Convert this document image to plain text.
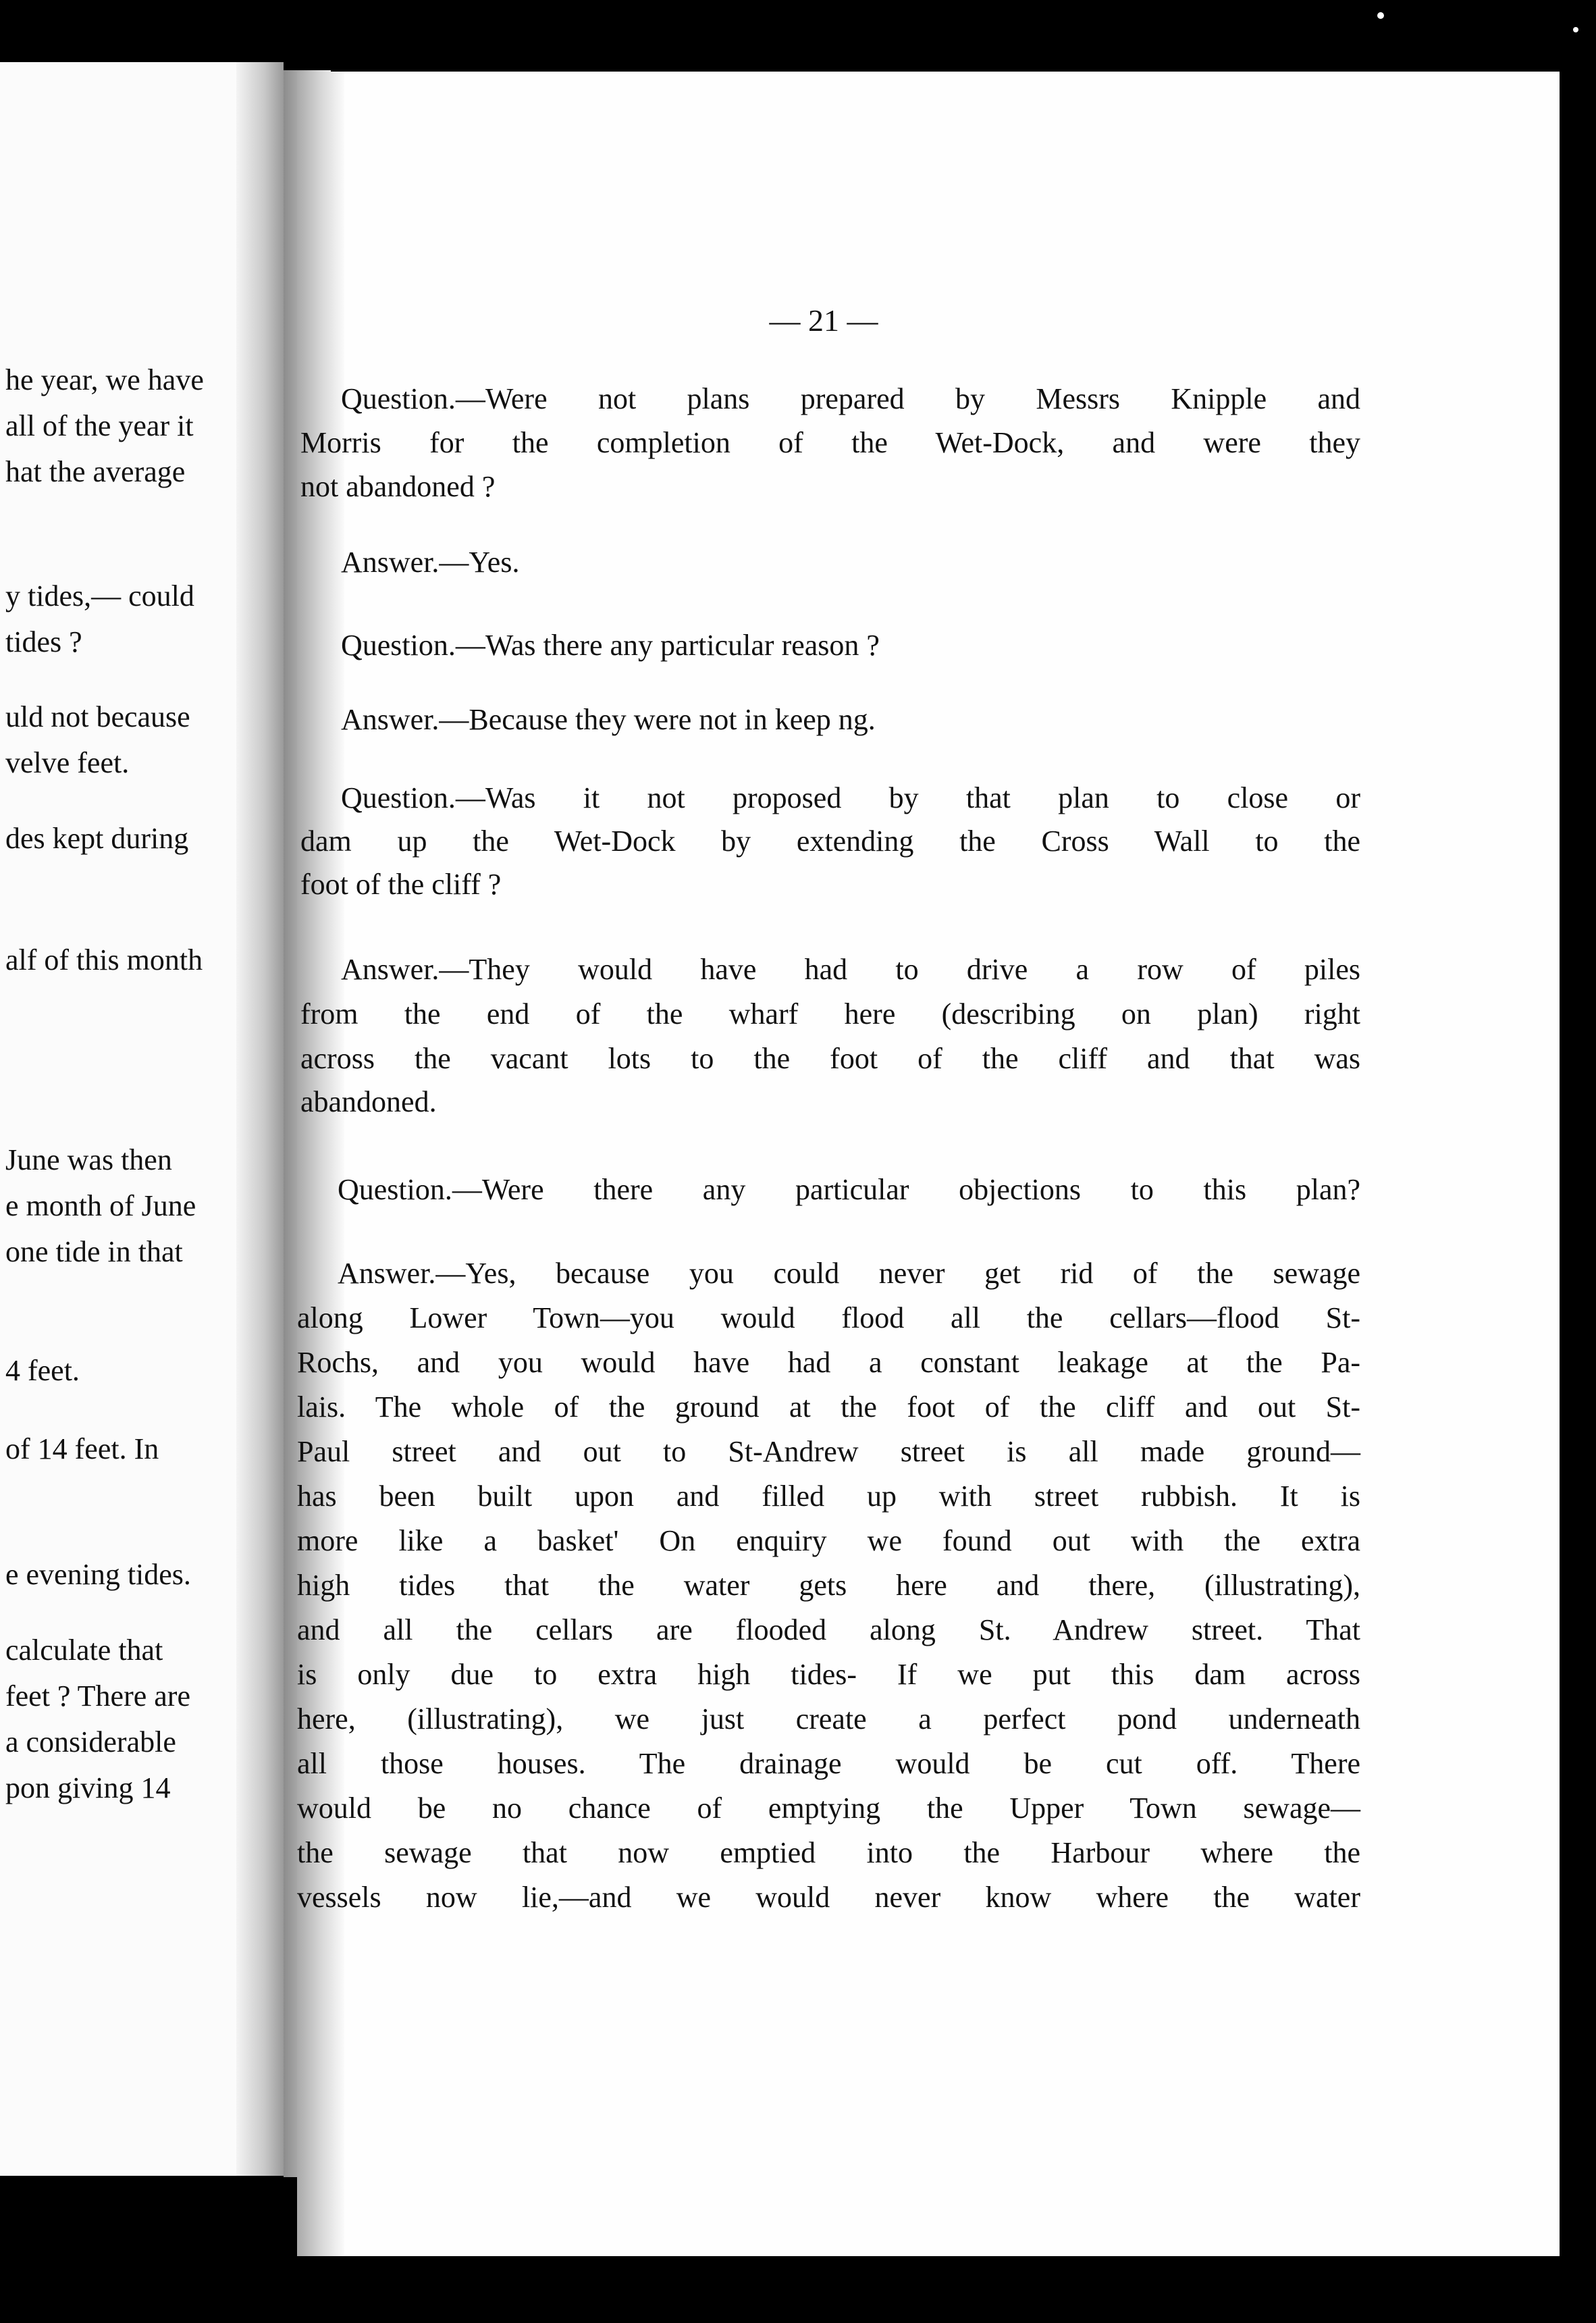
he year, we have
all of the year it
hat the average
y tides,— could
tides ?
uld not because
velve feet.
des kept during
alf of this month
June was then
e month of June
one tide in that
4 feet.
of 14 feet. In
e evening tides.
calculate that
feet ? There are
a considerable
pon giving 14
— 21 —
Question.—Were not plans prepared by Messrs Knipple and
Morris for the completion of the Wet-Dock, and were they
not abandoned ?
Answer.—Yes.
Question.—Was there any particular reason ?
Answer.—Because they were not in keep ng.
Question.—Was it not proposed by that plan to close or
dam up the Wet-Dock by extending the Cross Wall to the
foot of the cliff ?
Answer.—They would have had to drive a row of piles
from the end of the wharf here (describing on plan) right
across the vacant lots to the foot of the cliff and that was
abandoned.
Question.—Were there any particular objections to this plan?
Answer.—Yes, because you could never get rid of the sewage
along Lower Town—you would flood all the cellars—flood St-
Rochs, and you would have had a constant leakage at the Pa-
lais. The whole of the ground at the foot of the cliff and out St-
Paul street and out to St-Andrew street is all made ground—
has been built upon and filled up with street rubbish. It is
more like a basket' On enquiry we found out with the extra
high tides that the water gets here and there, (illustrating),
and all the cellars are flooded along St. Andrew street. That
is only due to extra high tides- If we put this dam across
here, (illustrating), we just create a perfect pond underneath
all those houses. The drainage would be cut off. There
would be no chance of emptying the Upper Town sewage—
the sewage that now emptied into the Harbour where the
vessels now lie,—and we would never know where the water
